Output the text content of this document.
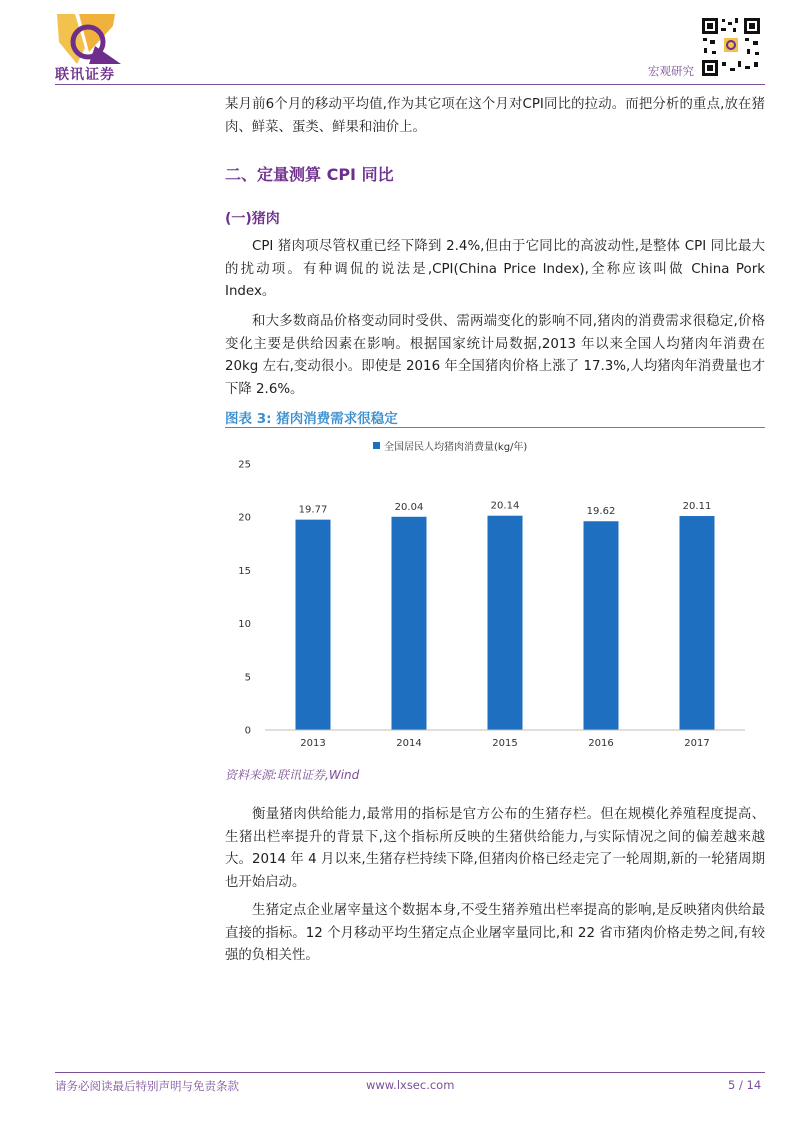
联讯证券	宏观研究

某月前6个月的移动平均值,作为其它项在这个月对CPI同比的拉动。而把分析的重点,放在猪肉、鲜菜、蛋类、鲜果和油价上。

二、定量测算 CPI 同比
(一)猪肉

CPI 猪肉项尽管权重已经下降到 2.4%,但由于它同比的高波动性,是整体 CPI 同比最大的扰动项。有种调侃的说法是,CPI(China Price Index),全称应该叫做 China Pork Index。

和大多数商品价格变动同时受供、需两端变化的影响不同,猪肉的消费需求很稳定,价格变化主要是供给因素在影响。根据国家统计局数据,2013 年以来全国人均猪肉年消费在 20kg 左右,变动很小。即使是 2016 年全国猪肉价格上涨了 17.3%,人均猪肉年消费量也才下降 2.6%。

图表 3: 猪肉消费需求很稳定
全国居民人均猪肉消费量(kg/年)
0
5
10
15
20
25
19.77	20.04	20.14
19.62	20.11
2013	2014	2015	2016	2017
资料来源:联讯证券,Wind

衡量猪肉供给能力,最常用的指标是官方公布的生猪存栏。但在规模化养殖程度提高、生猪出栏率提升的背景下,这个指标所反映的生猪供给能力,与实际情况之间的偏差越来越大。2014 年 4 月以来,生猪存栏持续下降,但猪肉价格已经走完了一轮周期,新的一轮猪周期也开始启动。

生猪定点企业屠宰量这个数据本身,不受生猪养殖出栏率提高的影响,是反映猪肉供给最直接的指标。12 个月移动平均生猪定点企业屠宰量同比,和 22 省市猪肉价格走势之间,有较强的负相关性。

请务必阅读最后特别声明与免责条款	www.lxsec.com	5 / 14
